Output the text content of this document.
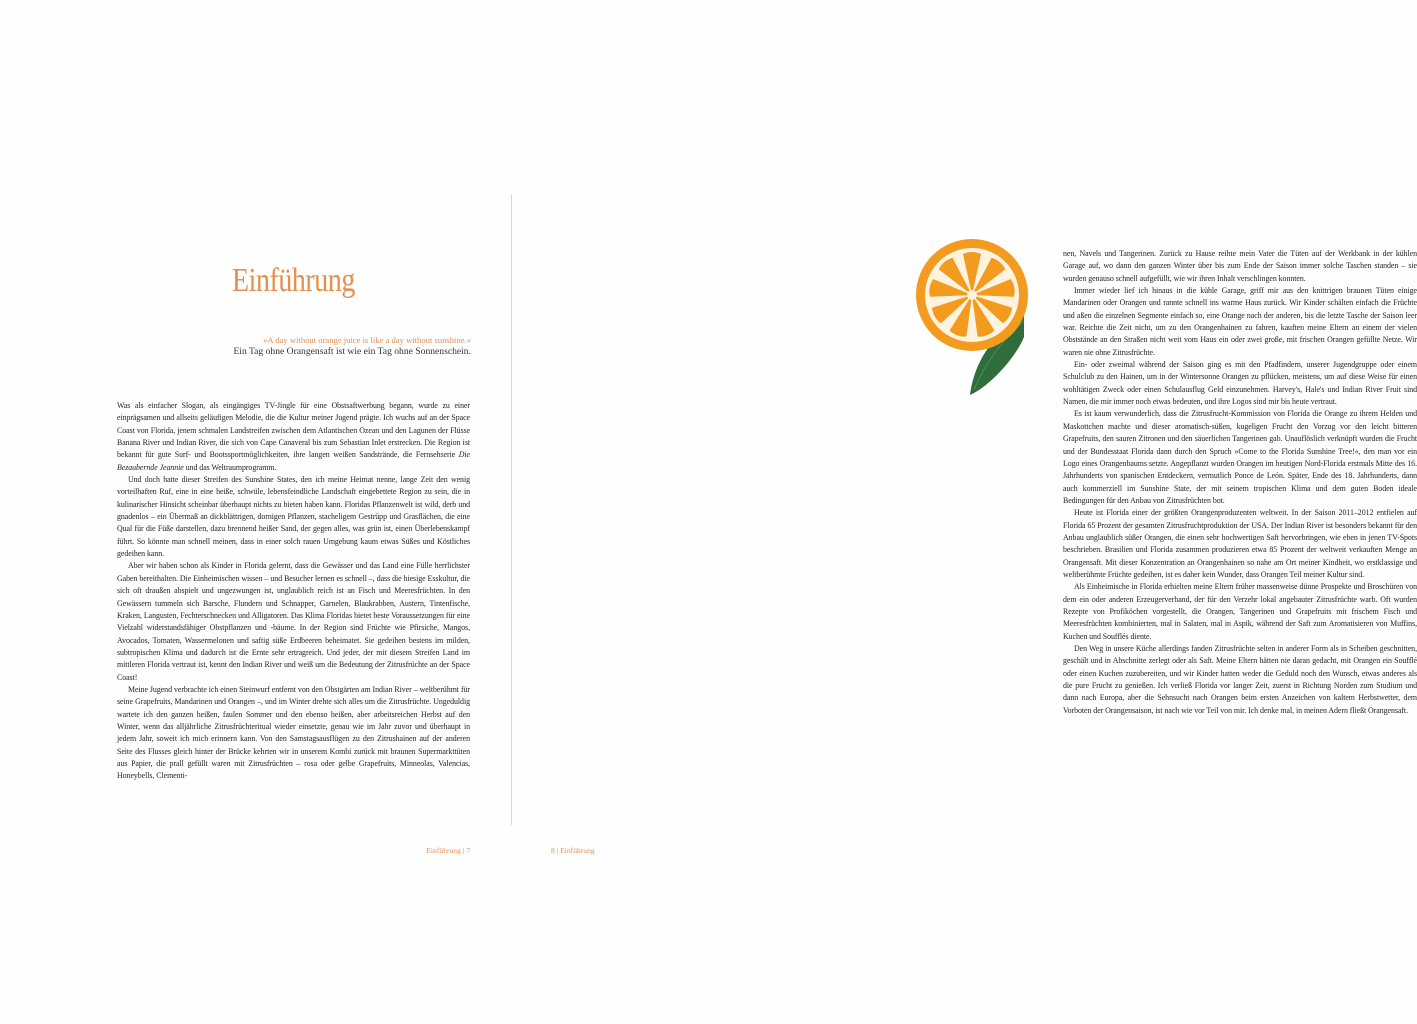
Einführung
»A day without orange juice is like a day without sunshine.«
Ein Tag ohne Orangensaft ist wie ein Tag ohne Sonnenschein.

Was als einfacher Slogan, als eingängiges TV-Jingle für eine Obstsaftwerbung begann, wurde zu einer einprägsamen und allseits geläufigen Melodie, die die Kultur meiner Jugend prägte. Ich wuchs auf an der Space Coast von Florida, jenem schmalen Landstreifen zwischen dem Atlantischen Ozean und den Lagunen der Flüsse Banana River und Indian River, die sich von Cape Canaveral bis zum Sebastian Inlet erstrecken. Die Region ist bekannt für gute Surf- und Bootssportmöglichkeiten, ihre langen weißen Sandstrände, die Fernsehserie Die Bezaubernde Jeannie und das Weltraumprogramm.

Und doch hatte dieser Streifen des Sunshine States, den ich meine Heimat nenne, lange Zeit den wenig vorteilhaften Ruf, eine in eine heiße, schwüle, lebensfeindliche Landschaft eingebettete Region zu sein, die in kulinarischer Hinsicht scheinbar überhaupt nichts zu bieten haben kann. Floridas Pflanzenwelt ist wild, derb und gnadenlos – ein Übermaß an dickblättrigen, dornigen Pflanzen, stacheligem Gestrüpp und Grasflächen, die eine Qual für die Füße darstellen, dazu brennend heißer Sand, der gegen alles, was grün ist, einen Überlebenskampf führt. So könnte man schnell meinen, dass in einer solch rauen Umgebung kaum etwas Süßes und Köstliches gedeihen kann.

Aber wir haben schon als Kinder in Florida gelernt, dass die Gewässer und das Land eine Fülle herrlichster Gaben bereithalten. Die Einheimischen wissen – und Besucher lernen es schnell –, dass die hiesige Esskultur, die sich oft draußen abspielt und ungezwungen ist, unglaublich reich ist an Fisch und Meeresfrüchten. In den Gewässern tummeln sich Barsche, Flundern und Schnapper, Garnelen, Blaukrabben, Austern, Tintenfische, Kraken, Langusten, Fechterschnecken und Alligatoren. Das Klima Floridas bietet beste Voraussetzungen für eine Vielzahl widerstandsfähiger Obstpflanzen und -bäume. In der Region sind Früchte wie Pfirsiche, Mangos, Avocados, Tomaten, Wassermelonen und saftig süße Erdbeeren beheimatet. Sie gedeihen bestens im milden, subtropischen Klima und dadurch ist die Ernte sehr ertragreich. Und jeder, der mit diesem Streifen Land im mittleren Florida vertraut ist, kennt den Indian River und weiß um die Bedeutung der Zitrusfrüchte an der Space Coast!

Meine Jugend verbrachte ich einen Steinwurf entfernt von den Obstgärten am Indian River – weltberühmt für seine Grapefruits, Mandarinen und Orangen –, und im Winter drehte sich alles um die Zitrusfrüchte. Ungeduldig wartete ich den ganzen heißen, faulen Sommer und den ebenso heißen, aber arbeitsreichen Herbst auf den Winter, wenn das alljährliche Zitrusfrüchteritual wieder einsetzte, genau wie im Jahr zuvor und überhaupt in jedem Jahr, soweit ich mich erinnern kann. Von den Samstagsausflügen zu den Zitrushainen auf der anderen Seite des Flusses gleich hinter der Brücke kehrten wir in unserem Kombi zurück mit braunen Supermarkttüten aus Papier, die prall gefüllt waren mit Zitrusfrüchten – rosa oder gelbe Grapefruits, Minneolas, Valencias, Honeybells, Clementi-

Einführung | 7

nen, Navels und Tangerinen. Zurück zu Hause reihte mein Vater die Tüten auf der Werkbank in der kühlen Garage auf, wo dann den ganzen Winter über bis zum Ende der Saison immer solche Taschen standen – sie wurden genauso schnell aufgefüllt, wie wir ihren Inhalt verschlingen konnten.

Immer wieder lief ich hinaus in die kühle Garage, griff mir aus den knittrigen braunen Tüten einige Mandarinen oder Orangen und rannte schnell ins warme Haus zurück. Wir Kinder schälten einfach die Früchte und aßen die einzelnen Segmente einfach so, eine Orange nach der anderen, bis die letzte Tasche der Saison leer war. Reichte die Zeit nicht, um zu den Orangenhainen zu fahren, kauften meine Eltern an einem der vielen Obststände an den Straßen nicht weit vom Haus ein oder zwei große, mit frischen Orangen gefüllte Netze. Wir waren nie ohne Zitrusfrüchte.

Ein- oder zweimal während der Saison ging es mit den Pfadfindern, unserer Jugendgruppe oder einem Schulclub zu den Hainen, um in der Wintersonne Orangen zu pflücken, meistens, um auf diese Weise für einen wohltätigen Zweck oder einen Schulausflug Geld einzunehmen. Harvey's, Hale's und Indian River Fruit sind Namen, die mir immer noch etwas bedeuten, und ihre Logos sind mir bis heute vertraut.

Es ist kaum verwunderlich, dass die Zitrusfrucht-Kommission von Florida die Orange zu ihrem Helden und Maskottchen machte und dieser aromatisch-süßen, kugeligen Frucht den Vorzug vor den leicht bitteren Grapefruits, den sauren Zitronen und den säuerlichen Tangerinen gab. Unauflöslich verknüpft wurden die Frucht und der Bundesstaat Florida dann durch den Spruch »Come to the Florida Sunshine Tree!«, den man vor ein Logo eines Orangenbaums setzte. Angepflanzt wurden Orangen im heutigen Nord-Florida erstmals Mitte des 16. Jahrhunderts von spanischen Entdeckern, vermutlich Ponce de León. Später, Ende des 18. Jahrhunderts, dann auch kommerziell im Sunshine State, der mit seinem tropischen Klima und dem guten Boden ideale Bedingungen für den Anbau von Zitrusfrüchten bot.

Heute ist Florida einer der größten Orangenproduzenten weltweit. In der Saison 2011–2012 entfielen auf Florida 65 Prozent der gesamten Zitrusfruchtproduktion der USA. Der Indian River ist besonders bekannt für den Anbau unglaublich süßer Orangen, die einen sehr hochwertigen Saft hervorbringen, wie eben in jenen TV-Spots beschrieben. Brasilien und Florida zusammen produzieren etwa 85 Prozent der weltweit verkauften Menge an Orangensaft. Mit dieser Konzentration an Orangenhainen so nahe am Ort meiner Kindheit, wo erstklassige und weltberühmte Früchte gedeihen, ist es daher kein Wunder, dass Orangen Teil meiner Kultur sind.

Als Einheimische in Florida erhielten meine Eltern früher massenweise dünne Prospekte und Broschüren von dem ein oder anderen Erzeugerverband, der für den Verzehr lokal angebauter Zitrusfrüchte warb. Oft wurden Rezepte von Profiköchen vorgestellt, die Orangen, Tangerinen und Grapefruits mit frischem Fisch und Meeresfrüchten kombinierten, mal in Salaten, mal in Aspik, während der Saft zum Aromatisieren von Muffins, Kuchen und Soufflés diente.

Den Weg in unsere Küche allerdings fanden Zitrusfrüchte selten in anderer Form als in Scheiben geschnitten, geschält und in Abschnitte zerlegt oder als Saft. Meine Eltern hätten nie daran gedacht, mit Orangen ein Soufflé oder einen Kuchen zuzubereiten, und wir Kinder hatten weder die Geduld noch den Wunsch, etwas anderes als die pure Frucht zu genießen. Ich verließ Florida vor langer Zeit, zuerst in Richtung Norden zum Studium und dann nach Europa, aber die Sehnsucht nach Orangen beim ersten Anzeichen von kaltem Herbstwetter, dem Vorboten der Orangensaison, ist nach wie vor Teil von mir. Ich denke mal, in meinen Adern fließt Orangensaft.

8 | Einführung
